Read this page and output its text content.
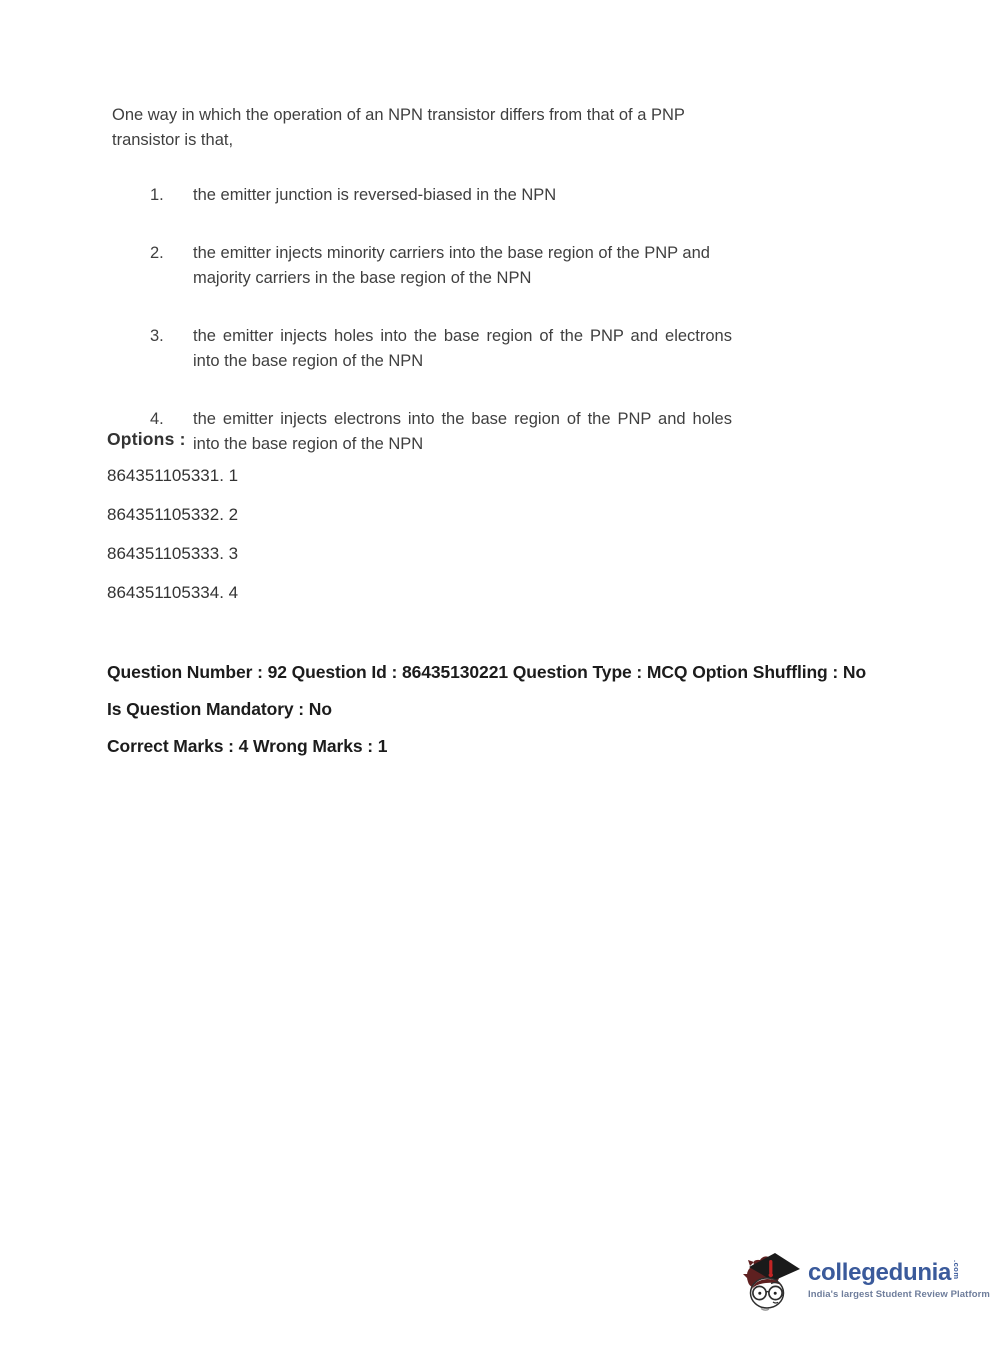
One way in which the operation of an NPN transistor differs from that of a PNP transistor is that,

1.	the emitter junction is reversed-biased in the NPN
2.	the emitter injects minority carriers into the base region of the PNP and majority carriers in the base region of the NPN
3.	the emitter injects holes into the base region of the PNP and electrons into the base region of the NPN
4.	the emitter injects electrons into the base region of the PNP and holes into the base region of the NPN
Options :
864351105331. 1
864351105332. 2
864351105333. 3
864351105334. 4

Question Number : 92 Question Id : 86435130221 Question Type : MCQ Option Shuffling : No

Is Question Mandatory : No

Correct Marks : 4 Wrong Marks : 1

collegedunia .com
India's largest Student Review Platform
